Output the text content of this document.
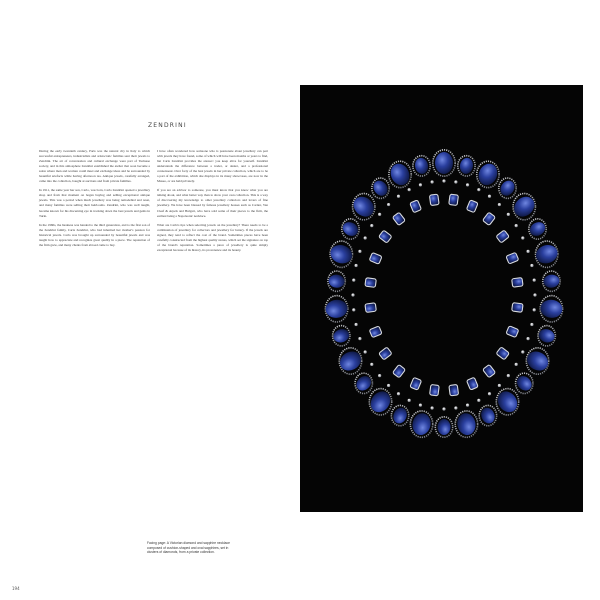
ZENDRINI

During the early twentieth century, Paris was the natural city in Italy to which successful entrepreneurs, industrialists and aristocratic families sent their jewels to Zendrini. The art of conversation and cultural exchange were part of Turinese society, and in this atmosphere Zendrini established the atelier that soon became a salon where men and women could meet and exchange ideas and be surrounded by beautiful artefacts while having afternoon tea. Antique jewels, carefully arranged, came into the collection, bought at auctions and from private families.

In 1911, the same year her son, Carlo, was born, Carlo Zendrini opened a jewellery shop and from that moment on began buying and selling exceptional antique jewels. This was a period when much jewellery was being remodelled and reset, and many families were selling their heirlooms. Zendrini, who was well taught, became known for his discerning eye in tracking down the best jewels and gems in Turin.

In the 1960s, the business was handed to the third generation, and to the first son of the Zendrini family, Carla Zendrini, who had inherited her mother's passion for historical jewels. Carla was brought up surrounded by beautiful jewels and was taught how to appreciate and recognize great quality in a piece. The reputation of the firm grew, and many clients from abroad came to buy.

I have often wondered how someone who is passionate about jewellery can part with jewels they have found, some of which will have been months or years to find, but Carla Zendrini provides the answer: you keep alive for yourself. Zendrini understands the difference between a trader, or dealer, and a professional connoisseur. Over forty of the best jewels in her private collection, which are to be a part of the exhibition, which she displays in its many showcases, are now in the Museo, or are held privately.

If you are an advisor to someone, you must know that you know what you are talking about, and what better way than to show your own collection. This is a way of discovering my knowledge to other jewellery collectors and lovers of fine jewellery. We have been blessed by famous jewellery houses such as Cartier, Van Cleef & Arpels and Bulgari, who have sold some of their pieces to the firm, the earliest being a Napoleonic necklace.

What are Carla's tips when selecting jewels on the jewellery? There needs to be a combination of jewellery for collectors and jewellery for luxury. If the jewels are signed, they tend to reflect the cost of the brand. Sometimes pieces have been carefully constructed from the highest quality stones, which set the signature on top of the brand's reputation. Sometimes a piece of jewellery is quite simply exceptional because of its history, its provenance and its beauty.

Facing page: A Victorian diamond and sapphire necklace composed of cushion-shaped and oval sapphires, set in clusters of diamonds, from a private collection.
194
